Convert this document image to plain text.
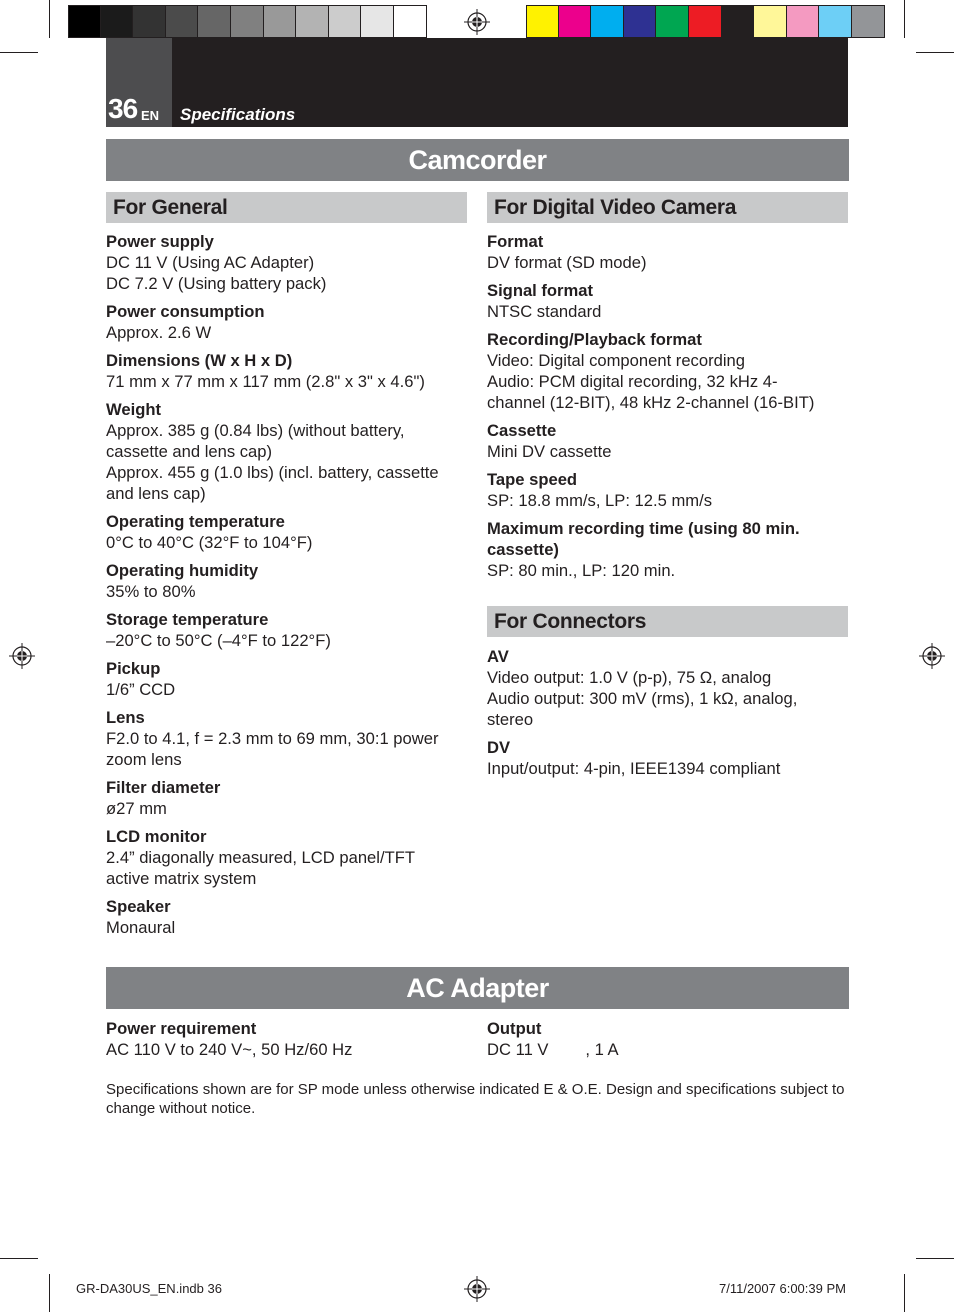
36 EN Specifications
Camcorder
For General	For Digital Video Camera
For Connectors
Power supply
DC 11 V (Using AC Adapter)
DC 7.2 V (Using battery pack)
Power consumption
Approx. 2.6 W
Dimensions (W x H x D)
71 mm x 77 mm x 117 mm (2.8" x 3" x 4.6")
Weight
Approx. 385 g (0.84 lbs) (without battery,
cassette and lens cap)
Approx. 455 g (1.0 lbs) (incl. battery, cassette
and lens cap)
Operating temperature
0°C to 40°C (32°F to 104°F)
Operating humidity
35% to 80%
Storage temperature
–20°C to 50°C (–4°F to 122°F)
Pickup
1/6” CCD
Lens
F2.0 to 4.1, f = 2.3 mm to 69 mm, 30:1 power
zoom lens
Filter diameter
ø27 mm
LCD monitor
2.4” diagonally measured, LCD panel/TFT
active matrix system
Speaker
Monaural
Format
DV format (SD mode)
Signal format
NTSC standard
Recording/Playback format
Video: Digital component recording
Audio: PCM digital recording, 32 kHz 4-
channel (12-BIT), 48 kHz 2-channel (16-BIT)
Cassette
Mini DV cassette
Tape speed
SP: 18.8 mm/s, LP: 12.5 mm/s
Maximum recording time (using 80 min.
cassette)
SP: 80 min., LP: 120 min.
AV
Video output: 1.0 V (p-p), 75 Ω, analog
Audio output: 300 mV (rms), 1 kΩ, analog,
stereo
DV
Input/output: 4-pin, IEEE1394 compliant
AC Adapter
Power requirement
AC 110 V to 240 V~, 50 Hz/60 Hz
Output
DC 11 V        , 1 A
Specifications shown are for SP mode unless otherwise indicated E & O.E. Design and specifications subject to change without notice.
GR-DA30US_EN.indb 36	7/11/2007 6:00:39 PM
